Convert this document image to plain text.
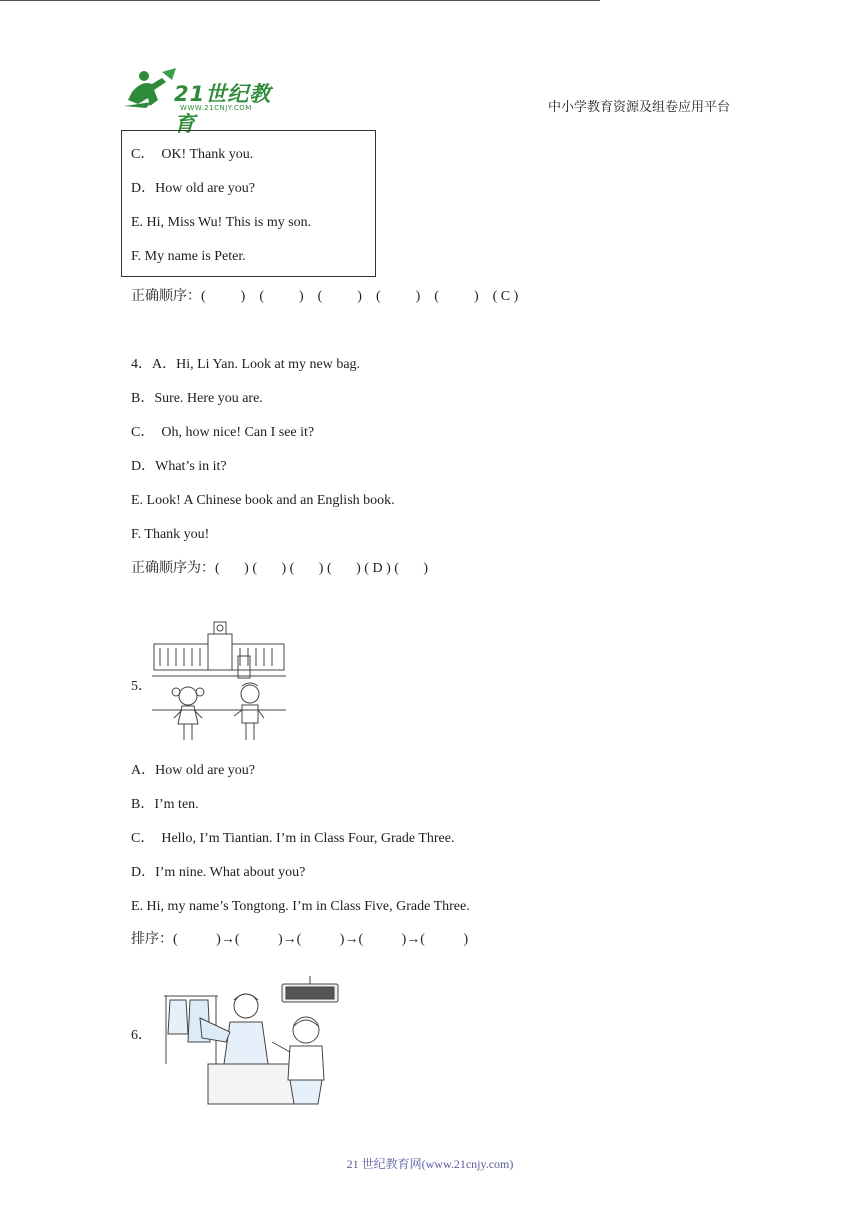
21世纪教育
WWW.21CNJY.COM	中小学教育资源及组卷应用平台
C．  OK! Thank you.
D．How old are you?
E. Hi, Miss Wu! This is my son.
F. My name is Peter.
正确顺序：(          )    (          )    (          )    (          )    (          )    ( C )
4．A．Hi, Li Yan. Look at my new bag.
B．Sure. Here you are.
C．  Oh, how nice! Can I see it?
D．What’s in it?
E. Look! A Chinese book and an English book.
F. Thank you!
正确顺序为：(       ) (       ) (       ) (       ) ( D ) (       )
5．
A．How old are you?
B．I’m ten.
C．  Hello, I’m Tiantian. I’m in Class Four, Grade Three.
D．I’m nine. What about you?
E. Hi, my name’s Tongtong. I’m in Class Five, Grade Three.
排序：(           )→(           )→(           )→(           )→(           )
6．
21 世纪教育网(www.21cnjy.com)
